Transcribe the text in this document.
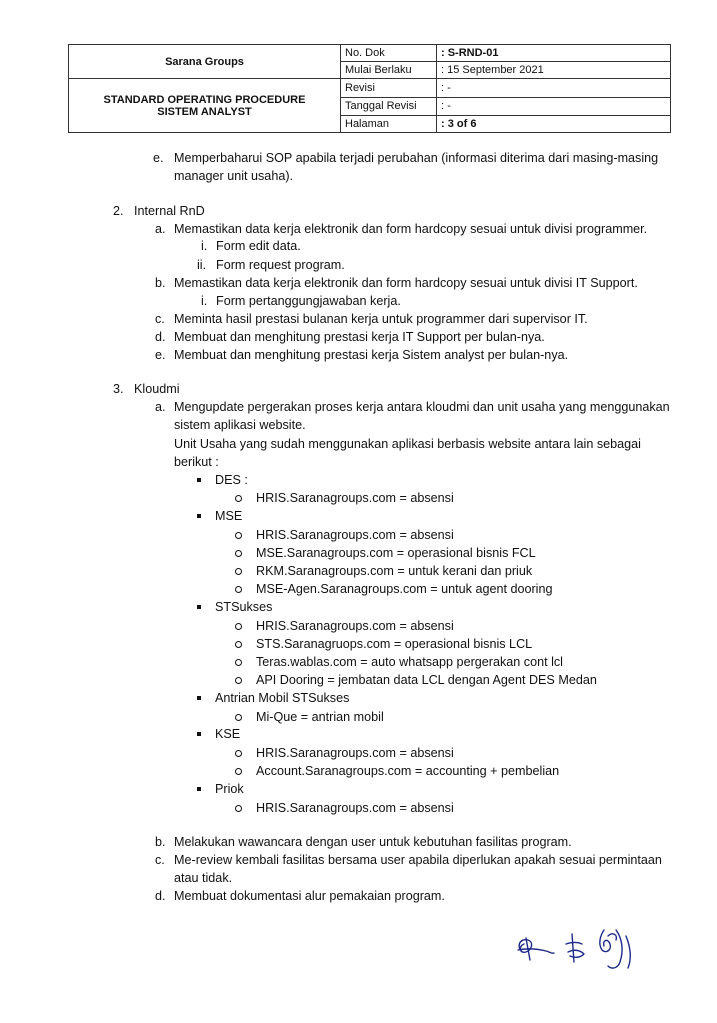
Sarana Groups	No. Dok	: S-RND-01
	Mulai Berlaku	: 15 September 2021

STANDARD OPERATING PROCEDURE
SISTEM ANALYST	Revisi	: -
	Tanggal Revisi	: -
	Halaman	: 3 of 6
e. Memperbaharui SOP apabila terjadi perubahan (informasi diterima dari masing-masing
manager unit usaha).
2. Internal RnD
a. Memastikan data kerja elektronik dan form hardcopy sesuai untuk divisi programmer.
i. Form edit data.
ii. Form request program.
b. Memastikan data kerja elektronik dan form hardcopy sesuai untuk divisi IT Support.
i. Form pertanggungjawaban kerja.
c. Meminta hasil prestasi bulanan kerja untuk programmer dari supervisor IT.
d. Membuat dan menghitung prestasi kerja IT Support per bulan-nya.
e. Membuat dan menghitung prestasi kerja Sistem analyst per bulan-nya.
3. Kloudmi
a. Mengupdate pergerakan proses kerja antara kloudmi dan unit usaha yang menggunakan
sistem aplikasi website.
Unit Usaha yang sudah menggunakan aplikasi berbasis website antara lain sebagai
berikut :
DES :
HRIS.Saranagroups.com = absensi
MSE
HRIS.Saranagroups.com = absensi
MSE.Saranagroups.com = operasional bisnis FCL
RKM.Saranagroups.com = untuk kerani dan priuk
MSE-Agen.Saranagroups.com = untuk agent dooring
STSukses
HRIS.Saranagroups.com = absensi
STS.Saranagruops.com = operasional bisnis LCL
Teras.wablas.com = auto whatsapp pergerakan cont lcl
API Dooring = jembatan data LCL dengan Agent DES Medan
Antrian Mobil STSukses
Mi-Que = antrian mobil
KSE
HRIS.Saranagroups.com = absensi
Account.Saranagroups.com = accounting + pembelian
Priok
HRIS.Saranagroups.com = absensi
b. Melakukan wawancara dengan user untuk kebutuhan fasilitas program.
c. Me-review kembali fasilitas bersama user apabila diperlukan apakah sesuai permintaan
atau tidak.
d. Membuat dokumentasi alur pemakaian program.
